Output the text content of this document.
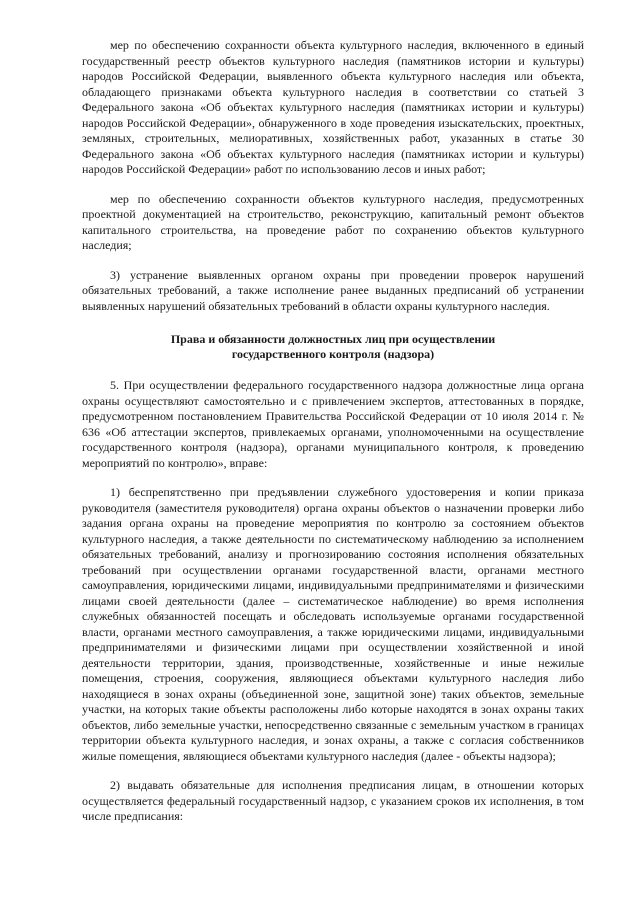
мер по обеспечению сохранности объекта культурного наследия, включенного в единый государственный реестр объектов культурного наследия (памятников истории и культуры) народов Российской Федерации, выявленного объекта культурного наследия или объекта, обладающего признаками объекта культурного наследия в соответствии со статьей 3 Федерального закона «Об объектах культурного наследия (памятниках истории и культуры) народов Российской Федерации», обнаруженного в ходе проведения изыскательских, проектных, земляных, строительных, мелиоративных, хозяйственных работ, указанных в статье 30 Федерального закона «Об объектах культурного наследия (памятниках истории и культуры) народов Российской Федерации» работ по использованию лесов и иных работ;

мер по обеспечению сохранности объектов культурного наследия, предусмотренных проектной документацией на строительство, реконструкцию, капитальный ремонт объектов капитального строительства, на проведение работ по сохранению объектов культурного наследия;

3) устранение выявленных органом охраны при проведении проверок нарушений обязательных требований, а также исполнение ранее выданных предписаний об устранении выявленных нарушений обязательных требований в области охраны культурного наследия.

Права и обязанности должностных лиц при осуществлении
государственного контроля (надзора)

5. При осуществлении федерального государственного надзора должностные лица органа охраны осуществляют самостоятельно и с привлечением экспертов, аттестованных в порядке, предусмотренном постановлением Правительства Российской Федерации от 10 июля 2014 г. № 636 «Об аттестации экспертов, привлекаемых органами, уполномоченными на осуществление государственного контроля (надзора), органами муниципального контроля, к проведению мероприятий по контролю», вправе:

1) беспрепятственно при предъявлении служебного удостоверения и копии приказа руководителя (заместителя руководителя) органа охраны объектов о назначении проверки либо задания органа охраны на проведение мероприятия по контролю за состоянием объектов культурного наследия, а также деятельности по систематическому наблюдению за исполнением обязательных требований, анализу и прогнозированию состояния исполнения обязательных требований при осуществлении органами государственной власти, органами местного самоуправления, юридическими лицами, индивидуальными предпринимателями и физическими лицами своей деятельности (далее – систематическое наблюдение) во время исполнения служебных обязанностей посещать и обследовать используемые органами государственной власти, органами местного самоуправления, а также юридическими лицами, индивидуальными предпринимателями и физическими лицами при осуществлении хозяйственной и иной деятельности территории, здания, производственные, хозяйственные и иные нежилые помещения, строения, сооружения, являющиеся объектами культурного наследия либо находящиеся в зонах охраны (объединенной зоне, защитной зоне) таких объектов, земельные участки, на которых такие объекты расположены либо которые находятся в зонах охраны таких объектов, либо земельные участки, непосредственно связанные с земельным участком в границах территории объекта культурного наследия, и зонах охраны, а также с согласия собственников жилые помещения, являющиеся объектами культурного наследия (далее - объекты надзора);

2) выдавать обязательные для исполнения предписания лицам, в отношении которых осуществляется федеральный государственный надзор, с указанием сроков их исполнения, в том числе предписания:
